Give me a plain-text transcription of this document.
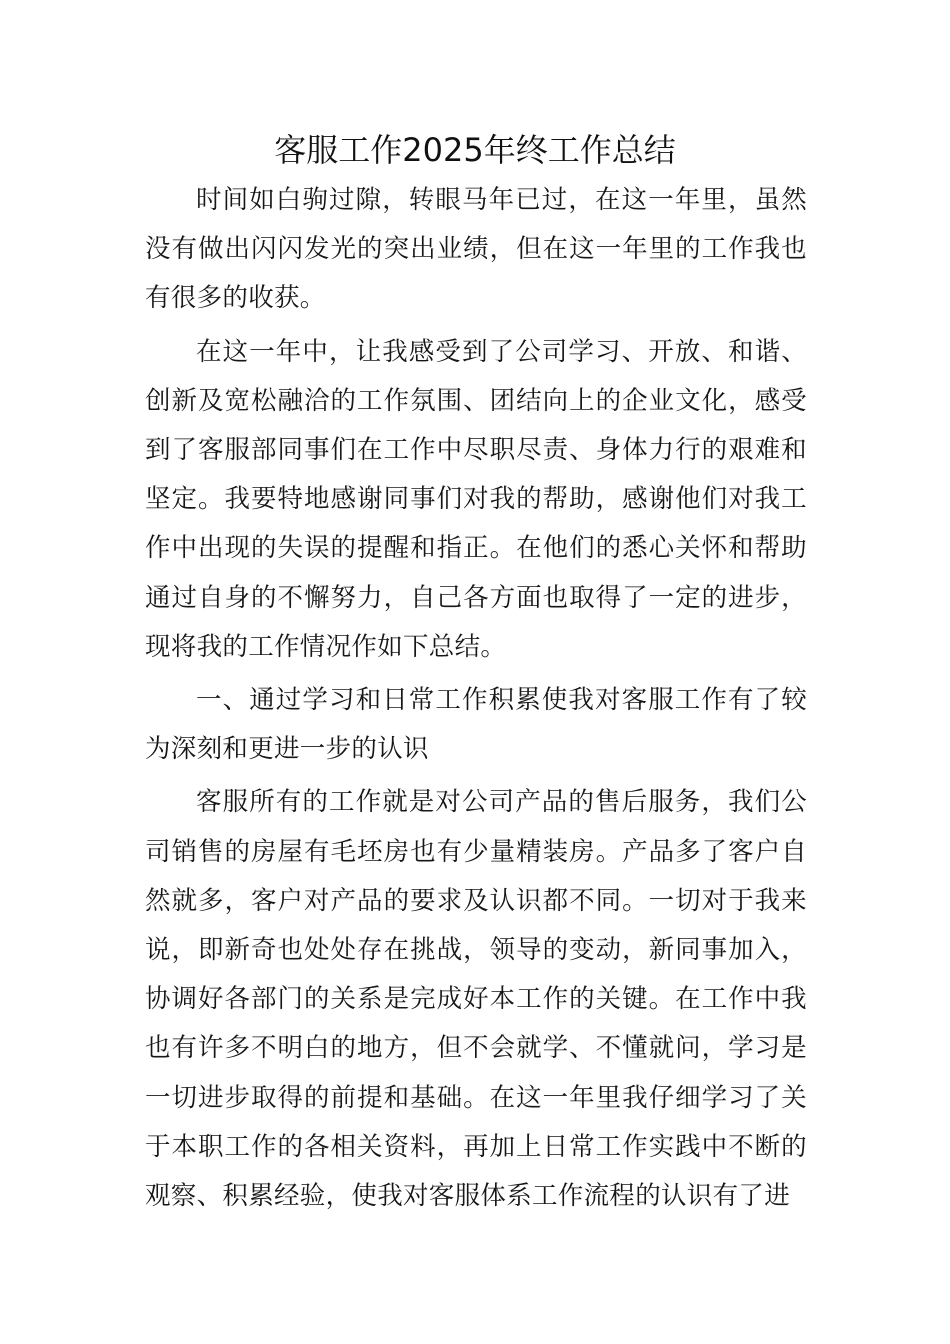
客服工作2025年终工作总结

时间如白驹过隙，转眼马年已过，在这一年里，虽然没有做出闪闪发光的突出业绩，但在这一年里的工作我也有很多的收获。

在这一年中，让我感受到了公司学习、开放、和谐、创新及宽松融洽的工作氛围、团结向上的企业文化，感受到了客服部同事们在工作中尽职尽责、身体力行的艰难和坚定。我要特地感谢同事们对我的帮助，感谢他们对我工作中出现的失误的提醒和指正。在他们的悉心关怀和帮助通过自身的不懈努力，自己各方面也取得了一定的进步，现将我的工作情况作如下总结。

一、通过学习和日常工作积累使我对客服工作有了较为深刻和更进一步的认识

客服所有的工作就是对公司产品的售后服务，我们公司销售的房屋有毛坯房也有少量精装房。产品多了客户自然就多，客户对产品的要求及认识都不同。一切对于我来说，即新奇也处处存在挑战，领导的变动，新同事加入，协调好各部门的关系是完成好本工作的关键。在工作中我也有许多不明白的地方，但不会就学、不懂就问，学习是一切进步取得的前提和基础。在这一年里我仔细学习了关于本职工作的各相关资料，再加上日常工作实践中不断的观察、积累经验，使我对客服体系工作流程的认识有了进
